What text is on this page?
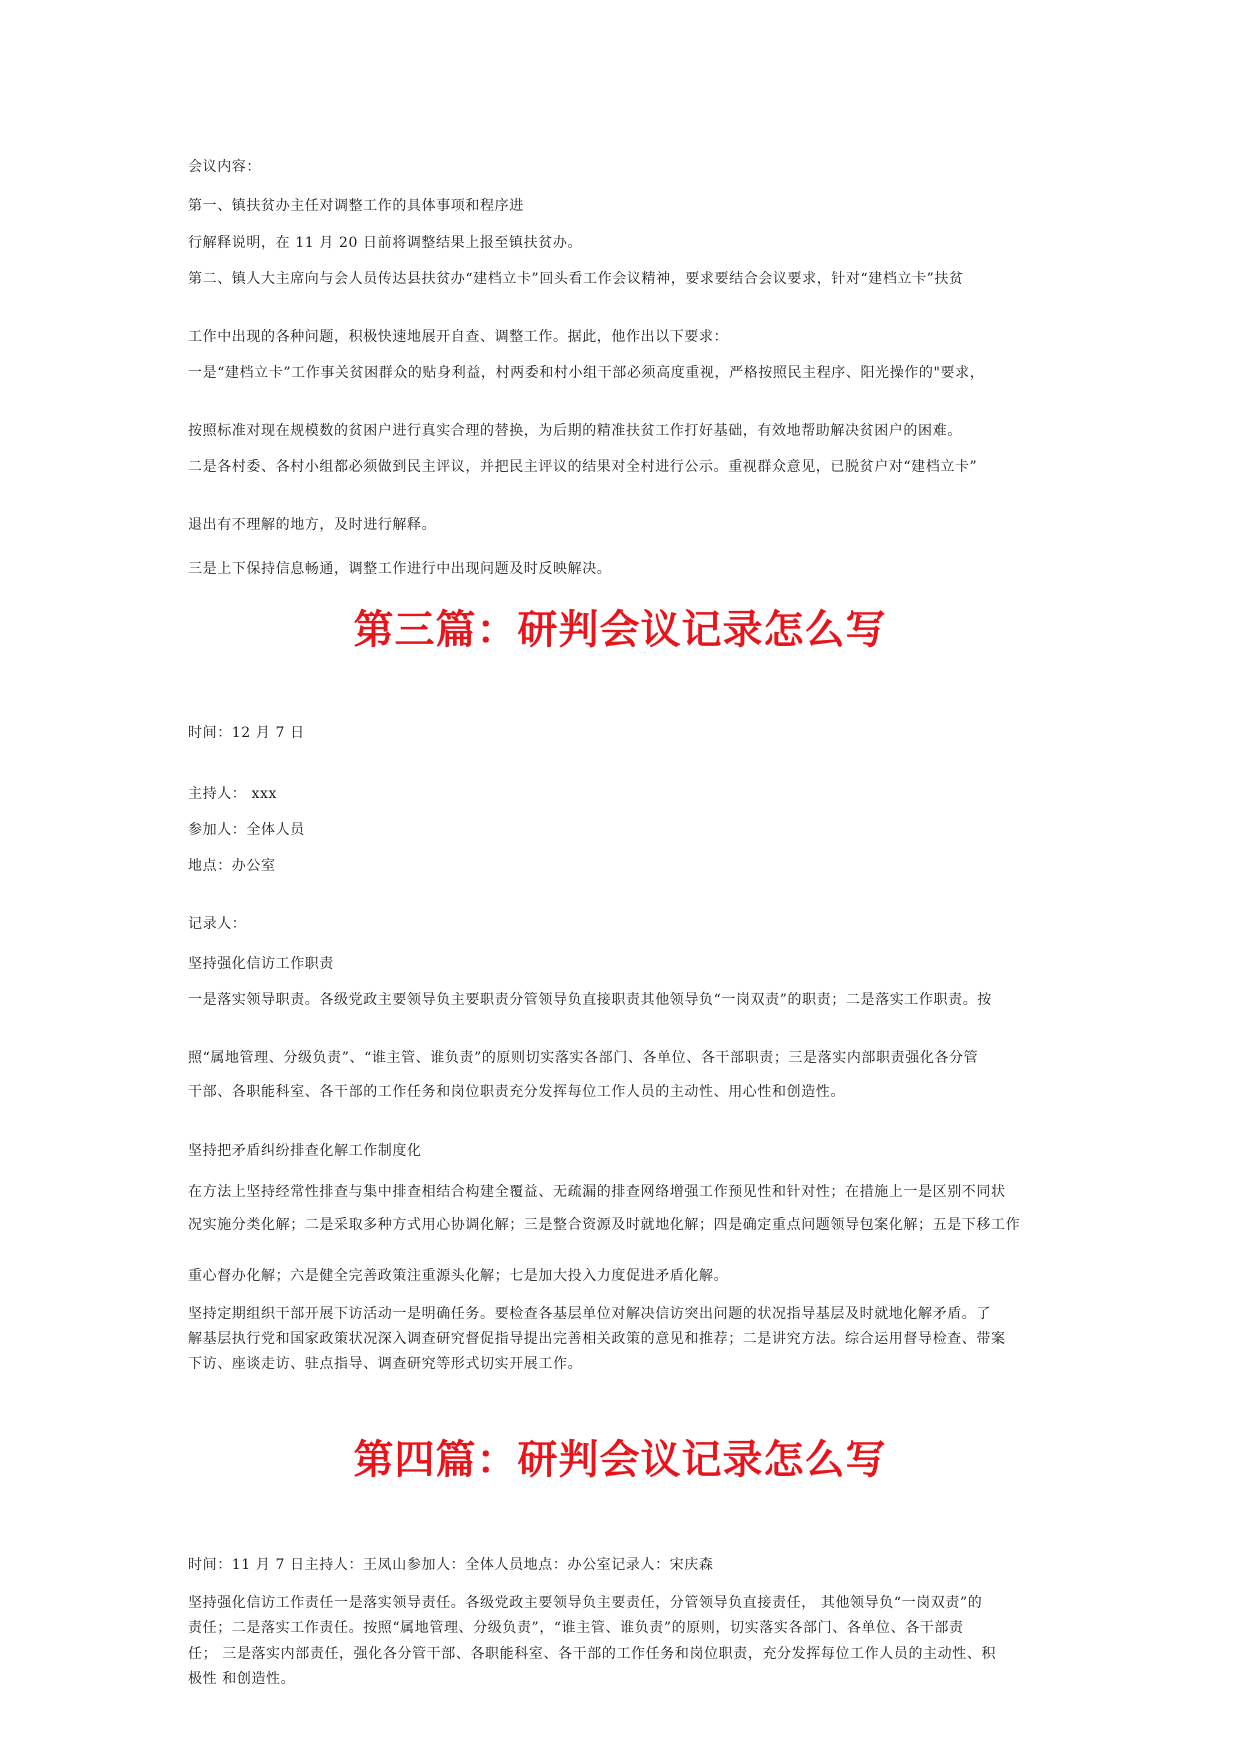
会议内容：
第一、镇扶贫办主任对调整工作的具体事项和程序进
行解释说明，在 11 月 20 日前将调整结果上报至镇扶贫办。
第二、镇人大主席向与会人员传达县扶贫办“建档立卡”回头看工作会议精神，要求要结合会议要求，针对“建档立卡”扶贫
工作中出现的各种问题，积极快速地展开自查、调整工作。据此，他作出以下要求：
一是“建档立卡”工作事关贫困群众的贴身利益，村两委和村小组干部必须高度重视，严格按照民主程序、阳光操作的"要求，
按照标准对现在规模数的贫困户进行真实合理的替换，为后期的精准扶贫工作打好基础，有效地帮助解决贫困户的困难。
二是各村委、各村小组都必须做到民主评议，并把民主评议的结果对全村进行公示。重视群众意见，已脱贫户对“建档立卡”
退出有不理解的地方，及时进行解释。
三是上下保持信息畅通，调整工作进行中出现问题及时反映解决。
第三篇：研判会议记录怎么写
时间：12 月 7 日
主持人： xxx
参加人：全体人员
地点：办公室
记录人：
坚持强化信访工作职责
一是落实领导职责。各级党政主要领导负主要职责分管领导负直接职责其他领导负“一岗双责”的职责；二是落实工作职责。按
照“属地管理、分级负责”、“谁主管、谁负责”的原则切实落实各部门、各单位、各干部职责；三是落实内部职责强化各分管
干部、各职能科室、各干部的工作任务和岗位职责充分发挥每位工作人员的主动性、用心性和创造性。
坚持把矛盾纠纷排查化解工作制度化
在方法上坚持经常性排查与集中排查相结合构建全覆益、无疏漏的排查网络增强工作预见性和针对性；在措施上一是区别不同状
况实施分类化解；二是采取多种方式用心协调化解；三是整合资源及时就地化解；四是确定重点问题领导包案化解；五是下移工作
重心督办化解；六是健全完善政策注重源头化解；七是加大投入力度促进矛盾化解。
坚持定期组织干部开展下访活动一是明确任务。要检查各基层单位对解决信访突出问题的状况指导基层及时就地化解矛盾。了
解基层执行党和国家政策状况深入调查研究督促指导提出完善相关政策的意见和推荐；二是讲究方法。综合运用督导检查、带案
下访、座谈走访、驻点指导、调查研究等形式切实开展工作。
第四篇：研判会议记录怎么写
时间：11 月 7 日主持人：王凤山参加人：全体人员地点：办公室记录人：宋庆森
坚持强化信访工作责任一是落实领导责任。各级党政主要领导负主要责任，分管领导负直接责任， 其他领导负“一岗双责”的
责任；二是落实工作责任。按照“属地管理、分级负责”，“谁主管、谁负责”的原则，切实落实各部门、各单位、各干部责
任； 三是落实内部责任，强化各分管干部、各职能科室、各干部的工作任务和岗位职责，充分发挥每位工作人员的主动性、积
极性 和创造性。
